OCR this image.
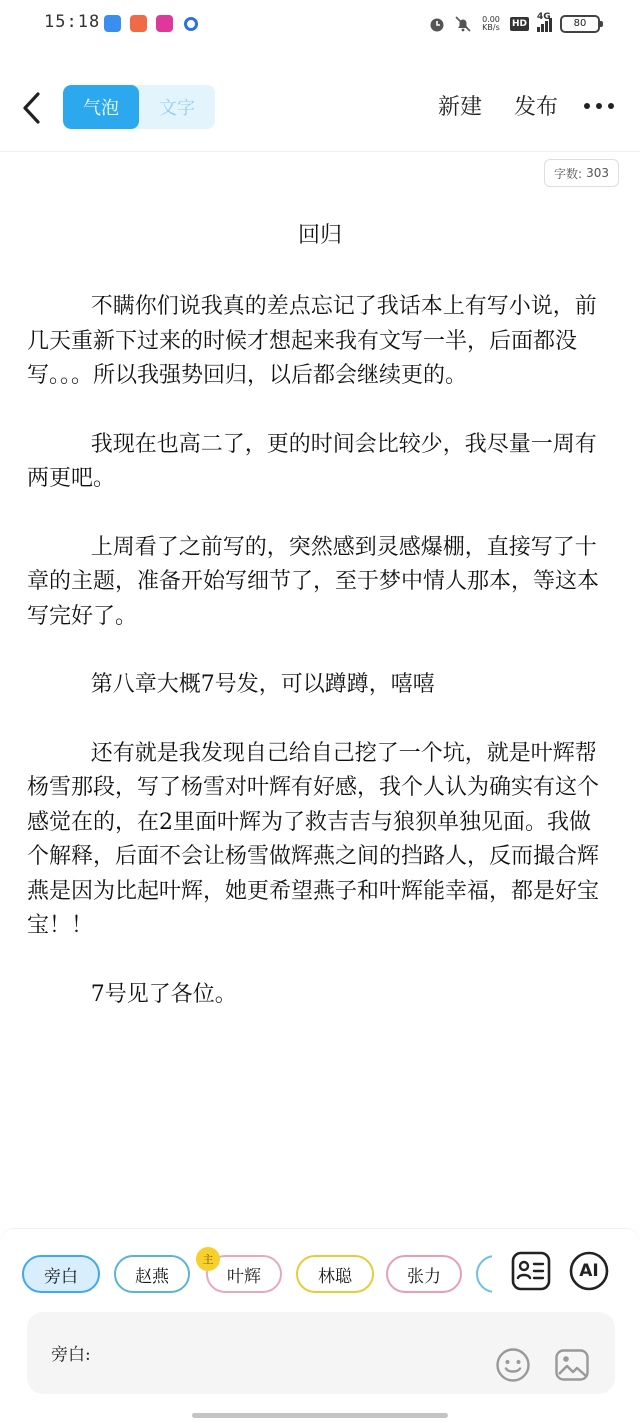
15:18	0.00
KB/s HD
4G
80
气泡	文字	新建 发布
字数: 303
回归

不瞒你们说我真的差点忘记了我话本上有写小说，前几天重新下过来的时候才想起来我有文写一半，后面都没写。。。所以我强势回归，以后都会继续更的。

我现在也高二了，更的时间会比较少，我尽量一周有两更吧。

上周看了之前写的，突然感到灵感爆棚，直接写了十章的主题，准备开始写细节了，至于梦中情人那本，等这本写完好了。

第八章大概7号发，可以蹲蹲，嘻嘻

还有就是我发现自己给自己挖了一个坑，就是叶辉帮杨雪那段，写了杨雪对叶辉有好感，我个人认为确实有这个感觉在的，在2里面叶辉为了救吉吉与狼狈单独见面。我做个解释，后面不会让杨雪做辉燕之间的挡路人，反而撮合辉燕是因为比起叶辉，她更希望燕子和叶辉能幸福，都是好宝宝！！

7号见了各位。

旁白	赵燕	叶辉	林聪	张力
主
AI
旁白:
